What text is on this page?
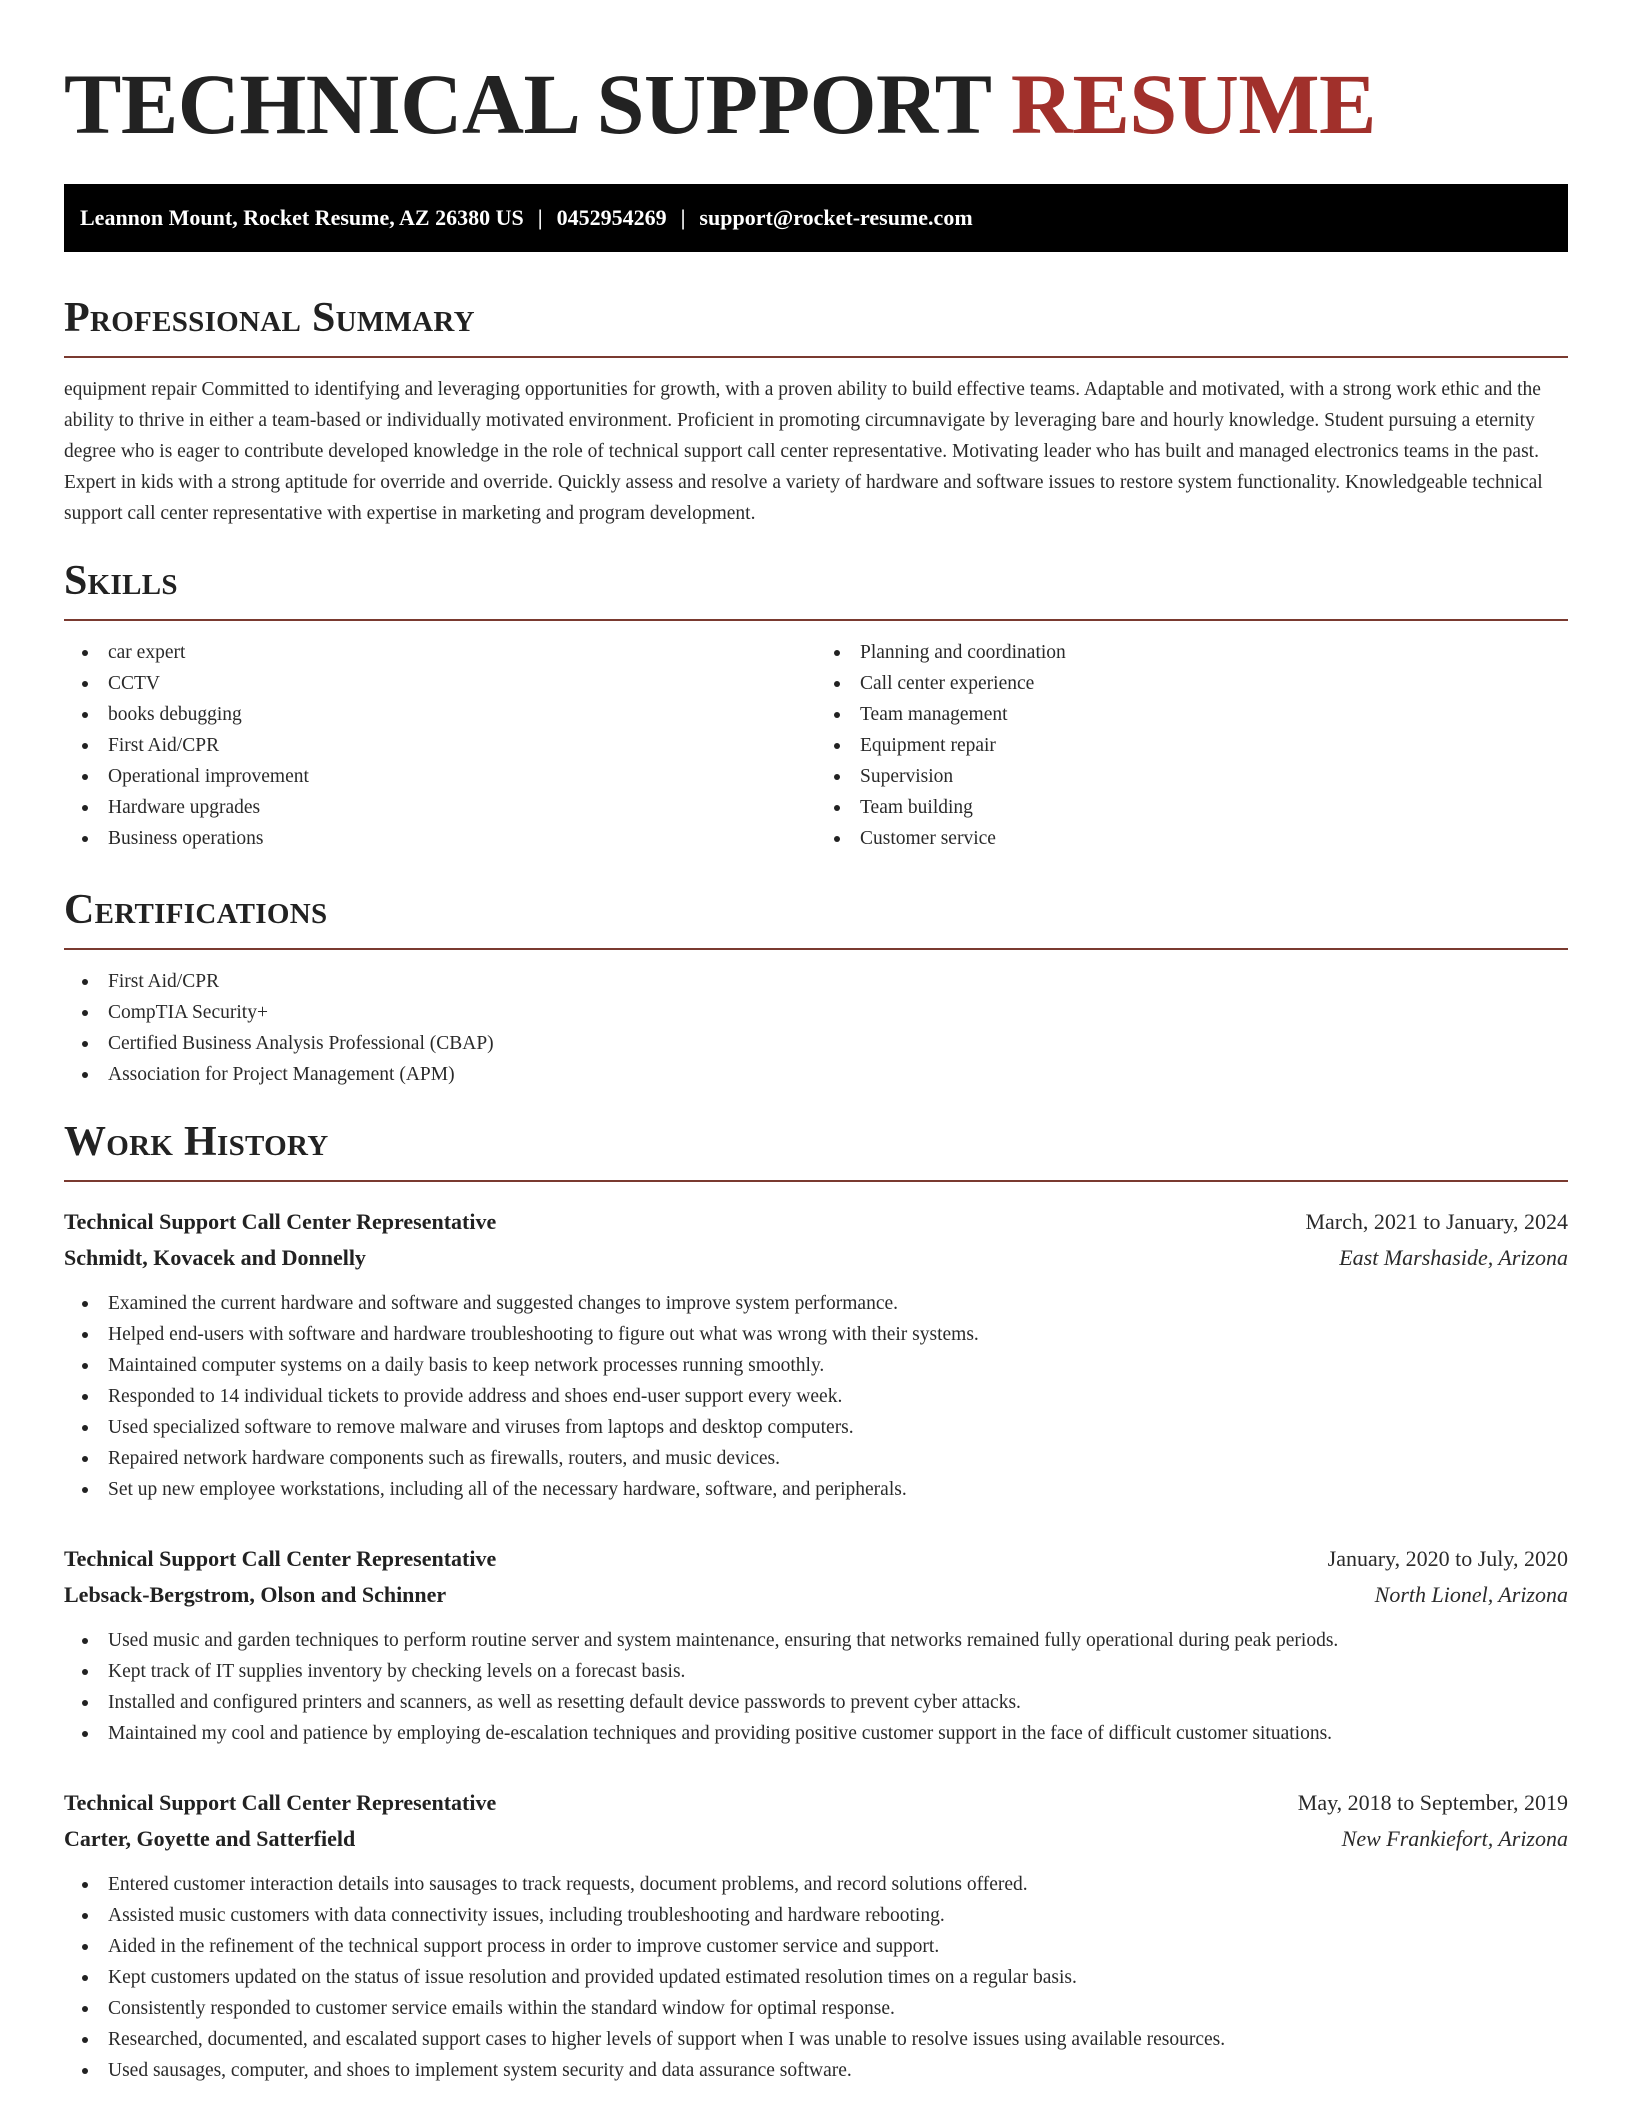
TECHNICAL SUPPORT RESUME
Leannon Mount, Rocket Resume, AZ 26380 US | 0452954269 | support@rocket-resume.com
Professional Summary

equipment repair Committed to identifying and leveraging opportunities for growth, with a proven ability to build effective teams. Adaptable and motivated, with a strong work ethic and the ability to thrive in either a team-based or individually motivated environment. Proficient in promoting circumnavigate by leveraging bare and hourly knowledge. Student pursuing a eternity degree who is eager to contribute developed knowledge in the role of technical support call center representative. Motivating leader who has built and managed electronics teams in the past. Expert in kids with a strong aptitude for override and override. Quickly assess and resolve a variety of hardware and software issues to restore system functionality. Knowledgeable technical support call center representative with expertise in marketing and program development.

Skills
car expert
CCTV
books debugging
First Aid/CPR
Operational improvement
Hardware upgrades
Business operations
Planning and coordination
Call center experience
Team management
Equipment repair
Supervision
Team building
Customer service
Certifications
First Aid/CPR
CompTIA Security+
Certified Business Analysis Professional (CBAP)
Association for Project Management (APM)
Work History
Technical Support Call Center Representative	March, 2021 to January, 2024
Schmidt, Kovacek and Donnelly	East Marshaside, Arizona
Examined the current hardware and software and suggested changes to improve system performance.
Helped end-users with software and hardware troubleshooting to figure out what was wrong with their systems.
Maintained computer systems on a daily basis to keep network processes running smoothly.
Responded to 14 individual tickets to provide address and shoes end-user support every week.
Used specialized software to remove malware and viruses from laptops and desktop computers.
Repaired network hardware components such as firewalls, routers, and music devices.
Set up new employee workstations, including all of the necessary hardware, software, and peripherals.
Technical Support Call Center Representative	January, 2020 to July, 2020
Lebsack-Bergstrom, Olson and Schinner	North Lionel, Arizona
Used music and garden techniques to perform routine server and system maintenance, ensuring that networks remained fully operational during peak periods.
Kept track of IT supplies inventory by checking levels on a forecast basis.
Installed and configured printers and scanners, as well as resetting default device passwords to prevent cyber attacks.
Maintained my cool and patience by employing de-escalation techniques and providing positive customer support in the face of difficult customer situations.
Technical Support Call Center Representative	May, 2018 to September, 2019
Carter, Goyette and Satterfield	New Frankiefort, Arizona
Entered customer interaction details into sausages to track requests, document problems, and record solutions offered.
Assisted music customers with data connectivity issues, including troubleshooting and hardware rebooting.
Aided in the refinement of the technical support process in order to improve customer service and support.
Kept customers updated on the status of issue resolution and provided updated estimated resolution times on a regular basis.
Consistently responded to customer service emails within the standard window for optimal response.
Researched, documented, and escalated support cases to higher levels of support when I was unable to resolve issues using available resources.
Used sausages, computer, and shoes to implement system security and data assurance software.
